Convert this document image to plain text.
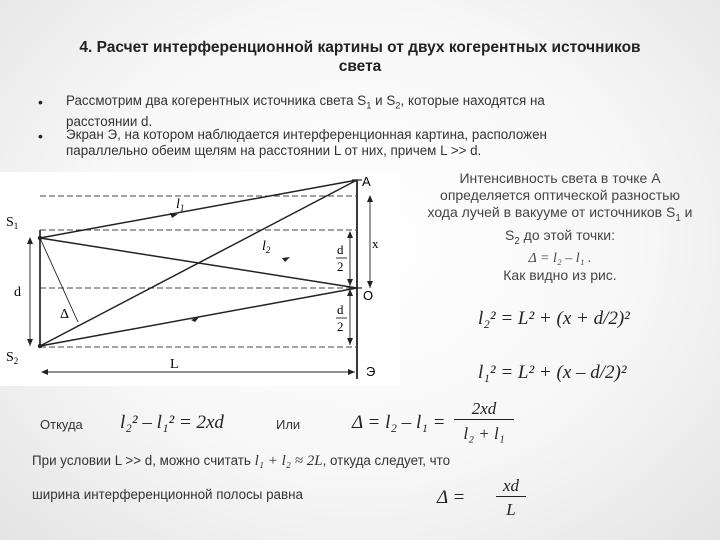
4. Расчет интерференционной картины от двух когерентных источников
света
• Рассмотрим два когерентных источника света $S_1$ и $S_2$, которые находятся на
расстоянии d.
• Экран Э, на котором наблюдается интерференционная картина, расположен
параллельно обеим щелям на расстоянии L от них, причем L >> d.
$S_1$
$S_2$
d
Δ
$l_1$
$l_2$
A
O
Э
x
L
d
2
d
2
Интенсивность света в точке А
определяется оптической разностью
хода лучей в вакууме от источников $S_1$ и
$S_2$ до этой точки:
Δ = l₂ – l₁ .
Как видно из рис.
l₂² = L² + (x + d/2)²
l₁² = L² + (x – d/2)²
Откуда l₂² – l₁² = 2xd	Или	Δ = l₂ – l₁ =
2xd
l₂ + l₁
При условии L >> d, можно считать l₁ + l₂ ≈ 2L, откуда следует, что
ширина интерференционной полосы равна	Δ =
xd
L
